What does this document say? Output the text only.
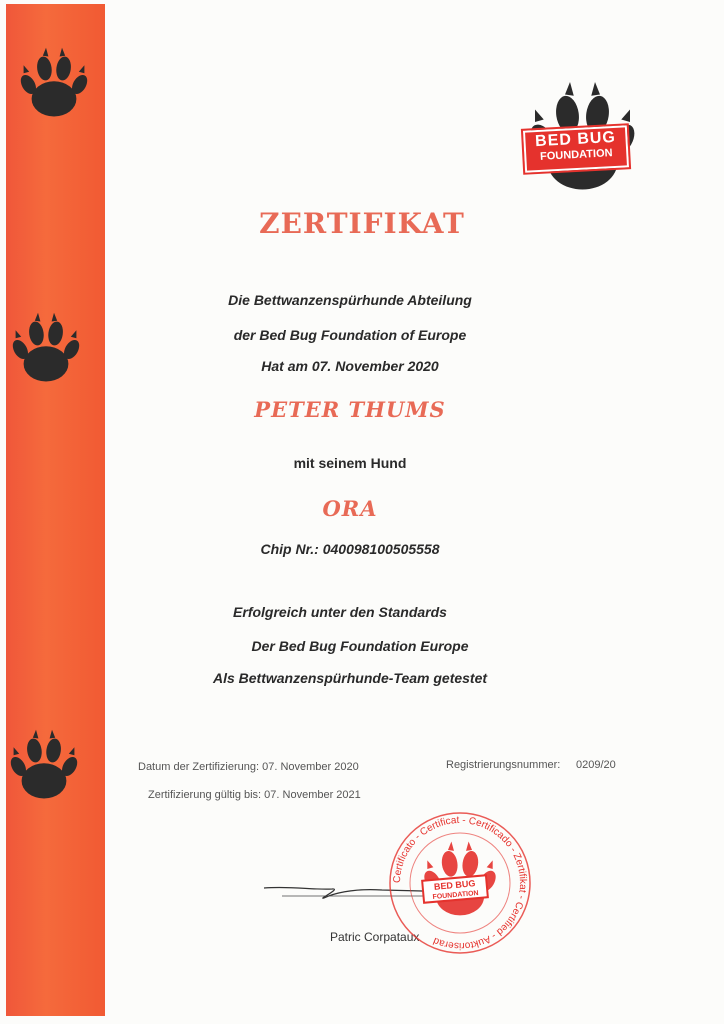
BED BUG
FOUNDATION
ZERTIFIKAT
Die Bettwanzenspürhunde Abteilung
der Bed Bug Foundation of Europe
Hat am 07. November 2020
PETER THUMS
mit seinem Hund
ORA
Chip Nr.: 040098100505558
Erfolgreich unter den Standards
Der Bed Bug Foundation Europe
Als Bettwanzenspürhunde-Team getestet
Datum der Zertifizierung: 07. November 2020	Registrierungsnummer: 0209/20
Zertifizierung gültig bis: 07. November 2021
Patric Corpataux
Certificato - Certificat - Certificado - Zertifikat - Certified - Auktoriserad
BED BUG
FOUNDATION
